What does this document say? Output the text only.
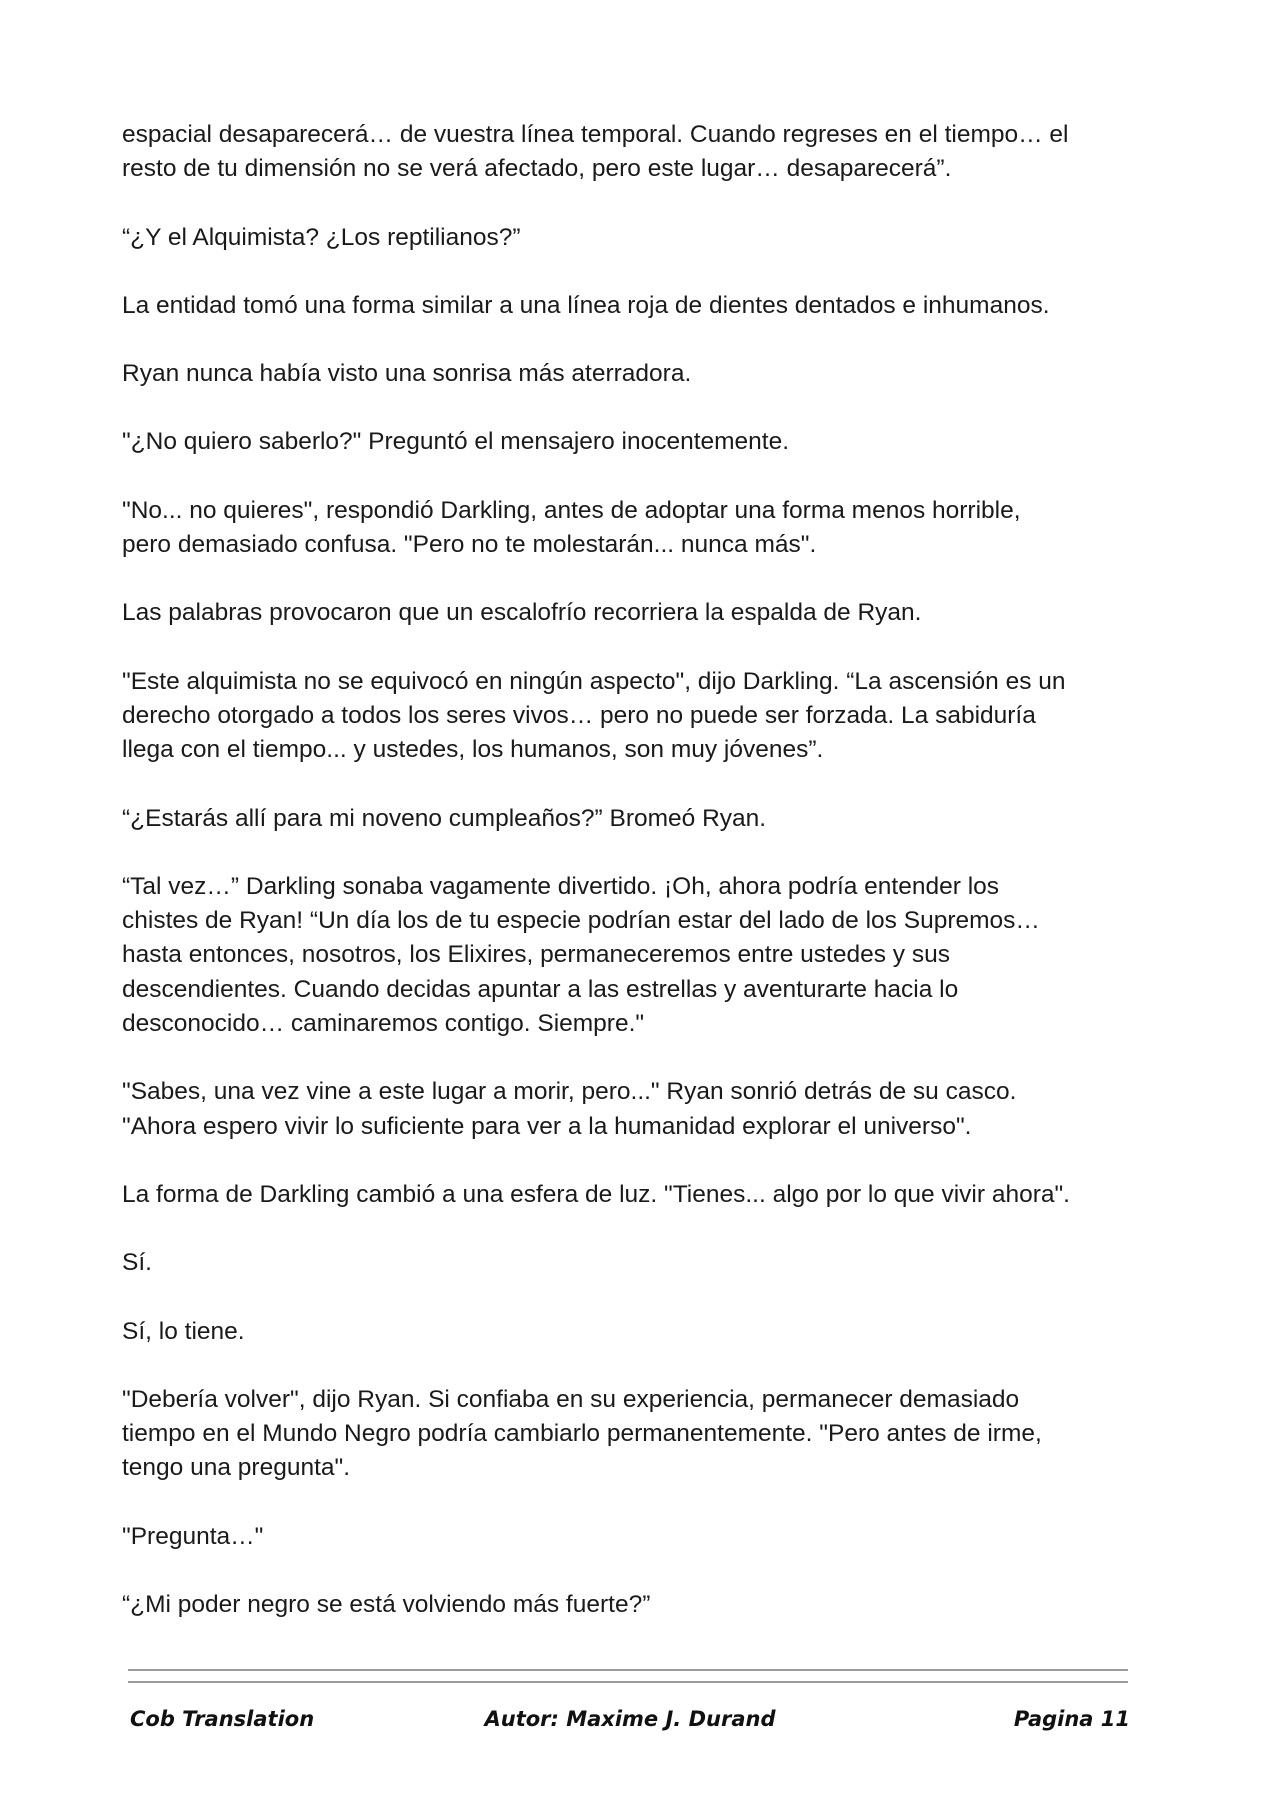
espacial desaparecerá… de vuestra línea temporal. Cuando regreses en el tiempo… el
resto de tu dimensión no se verá afectado, pero este lugar… desaparecerá”.

“¿Y el Alquimista? ¿Los reptilianos?”

La entidad tomó una forma similar a una línea roja de dientes dentados e inhumanos.

Ryan nunca había visto una sonrisa más aterradora.

"¿No quiero saberlo?" Preguntó el mensajero inocentemente.

"No... no quieres", respondió Darkling, antes de adoptar una forma menos horrible,
pero demasiado confusa. "Pero no te molestarán... nunca más".

Las palabras provocaron que un escalofrío recorriera la espalda de Ryan.

"Este alquimista no se equivocó en ningún aspecto", dijo Darkling. “La ascensión es un
derecho otorgado a todos los seres vivos… pero no puede ser forzada. La sabiduría
llega con el tiempo... y ustedes, los humanos, son muy jóvenes”.

“¿Estarás allí para mi noveno cumpleaños?” Bromeó Ryan.

“Tal vez…” Darkling sonaba vagamente divertido. ¡Oh, ahora podría entender los
chistes de Ryan! “Un día los de tu especie podrían estar del lado de los Supremos…
hasta entonces, nosotros, los Elixires, permaneceremos entre ustedes y sus
descendientes. Cuando decidas apuntar a las estrellas y aventurarte hacia lo
desconocido… caminaremos contigo. Siempre."

"Sabes, una vez vine a este lugar a morir, pero..." Ryan sonrió detrás de su casco.
"Ahora espero vivir lo suficiente para ver a la humanidad explorar el universo".

La forma de Darkling cambió a una esfera de luz. "Tienes... algo por lo que vivir ahora".

Sí.

Sí, lo tiene.

"Debería volver", dijo Ryan. Si confiaba en su experiencia, permanecer demasiado
tiempo en el Mundo Negro podría cambiarlo permanentemente. "Pero antes de irme,
tengo una pregunta".

"Pregunta…"

“¿Mi poder negro se está volviendo más fuerte?”

Cob Translation	Autor: Maxime J. Durand	Pagina 11
